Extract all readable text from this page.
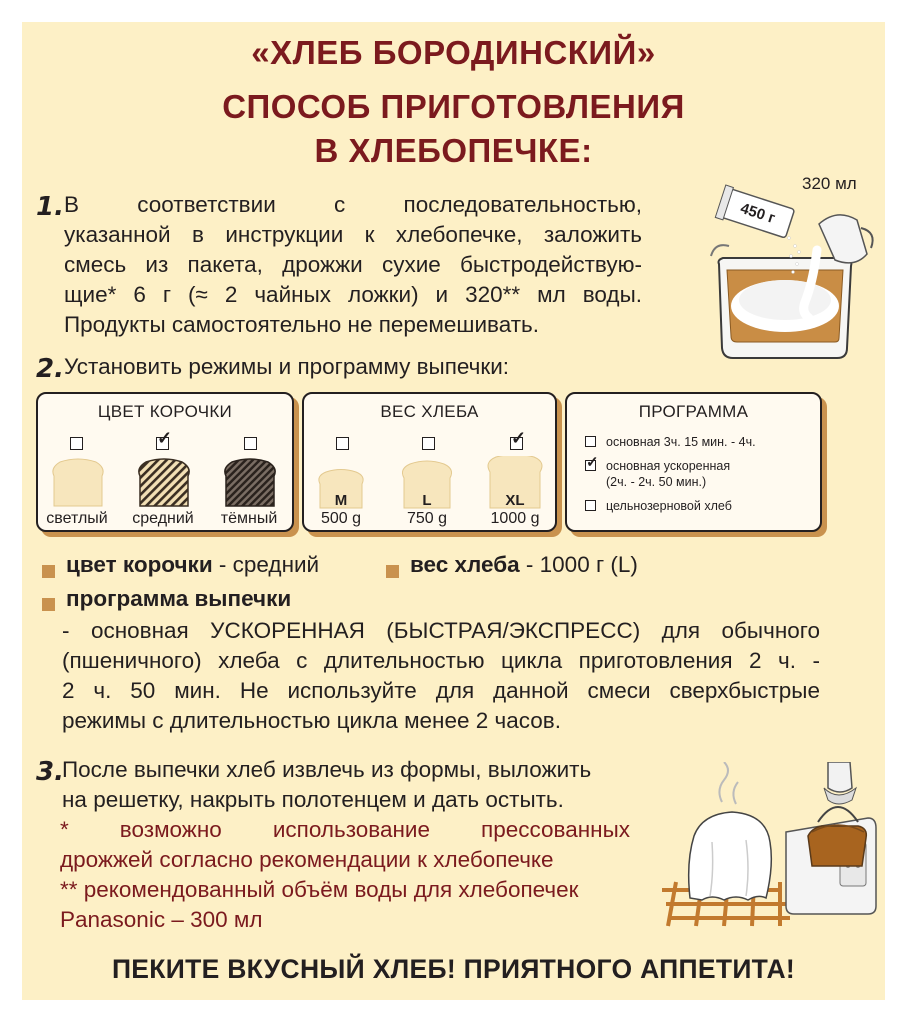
«ХЛЕБ БОРОДИНСКИЙ»
СПОСОБ ПРИГОТОВЛЕНИЯ
В ХЛЕБОПЕЧКЕ:
1. В соответствии с последовательностью,
указанной в инструкции к хлебопечке, заложить
смесь из пакета, дрожжи сухие быстродействую-
щие* 6 г (≈ 2 чайных ложки) и 320** мл воды.
Продукты самостоятельно не перемешивать.
450 г
320 мл
2. Установить режимы и программу выпечки:
ЦВЕТ КОРОЧКИ
✓
светлый	средний	тёмный
ВЕС ХЛЕБА
✓
M	L	XL
500 g	750 g	1000 g
ПРОГРАММА
основная 3ч. 15 мин. - 4ч.
✓ основная ускоренная
(2ч. - 2ч. 50 мин.)
цельнозерновой хлеб
цвет корочки - средний	вес хлеба - 1000 г (L)
программа выпечки
- основная УСКОРЕННАЯ (БЫСТРАЯ/ЭКСПРЕСС) для обычного
(пшеничного) хлеба с длительностью цикла приготовления 2 ч. -
2 ч. 50 мин. Не используйте для данной смеси сверхбыстрые
режимы с длительностью цикла менее 2 часов.
3.
После выпечки хлеб извлечь из формы, выложить
на решетку, накрыть полотенцем и дать остыть.
* возможно использование прессованных
дрожжей согласно рекомендации к хлебопечке
** рекомендованный объём воды для хлебопечек
Panasonic – 300 мл
ПЕКИТЕ ВКУСНЫЙ ХЛЕБ! ПРИЯТНОГО АППЕТИТА!
